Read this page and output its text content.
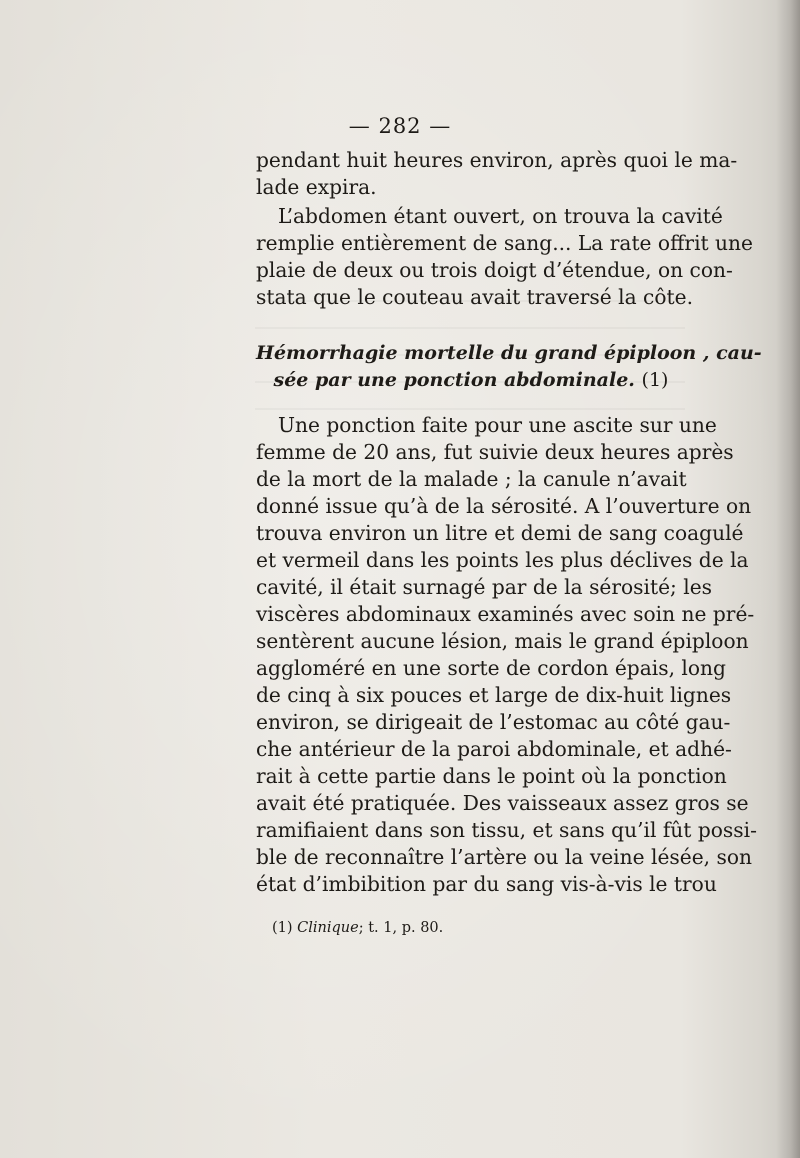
— 282 —
pendant huit heures environ, après quoi le ma-
lade expira.
L’abdomen étant ouvert, on trouva la cavité
remplie entièrement de sang... La rate offrit une
plaie de deux ou trois doigt d’étendue, on con-
stata que le couteau avait traversé la côte.
Hémorrhagie mortelle du grand épiploon , cau-
sée par une ponction abdominale. (1)
Une ponction faite pour une ascite sur une
femme de 20 ans, fut suivie deux heures après
de la mort de la malade ; la canule n’avait
donné issue qu’à de la sérosité. A l’ouverture on
trouva environ un litre et demi de sang coagulé
et vermeil dans les points les plus déclives de la
cavité, il était surnagé par de la sérosité; les
viscères abdominaux examinés avec soin ne pré-
sentèrent aucune lésion, mais le grand épiploon
aggloméré en une sorte de cordon épais, long
de cinq à six pouces et large de dix-huit lignes
environ, se dirigeait de l’estomac au côté gau-
che antérieur de la paroi abdominale, et adhé-
rait à cette partie dans le point où la ponction
avait été pratiquée. Des vaisseaux assez gros se
ramifiaient dans son tissu, et sans qu’il fût possi-
ble de reconnaître l’artère ou la veine lésée, son
état d’imbibition par du sang vis-à-vis le trou
(1) Clinique; t. 1, p. 80.
